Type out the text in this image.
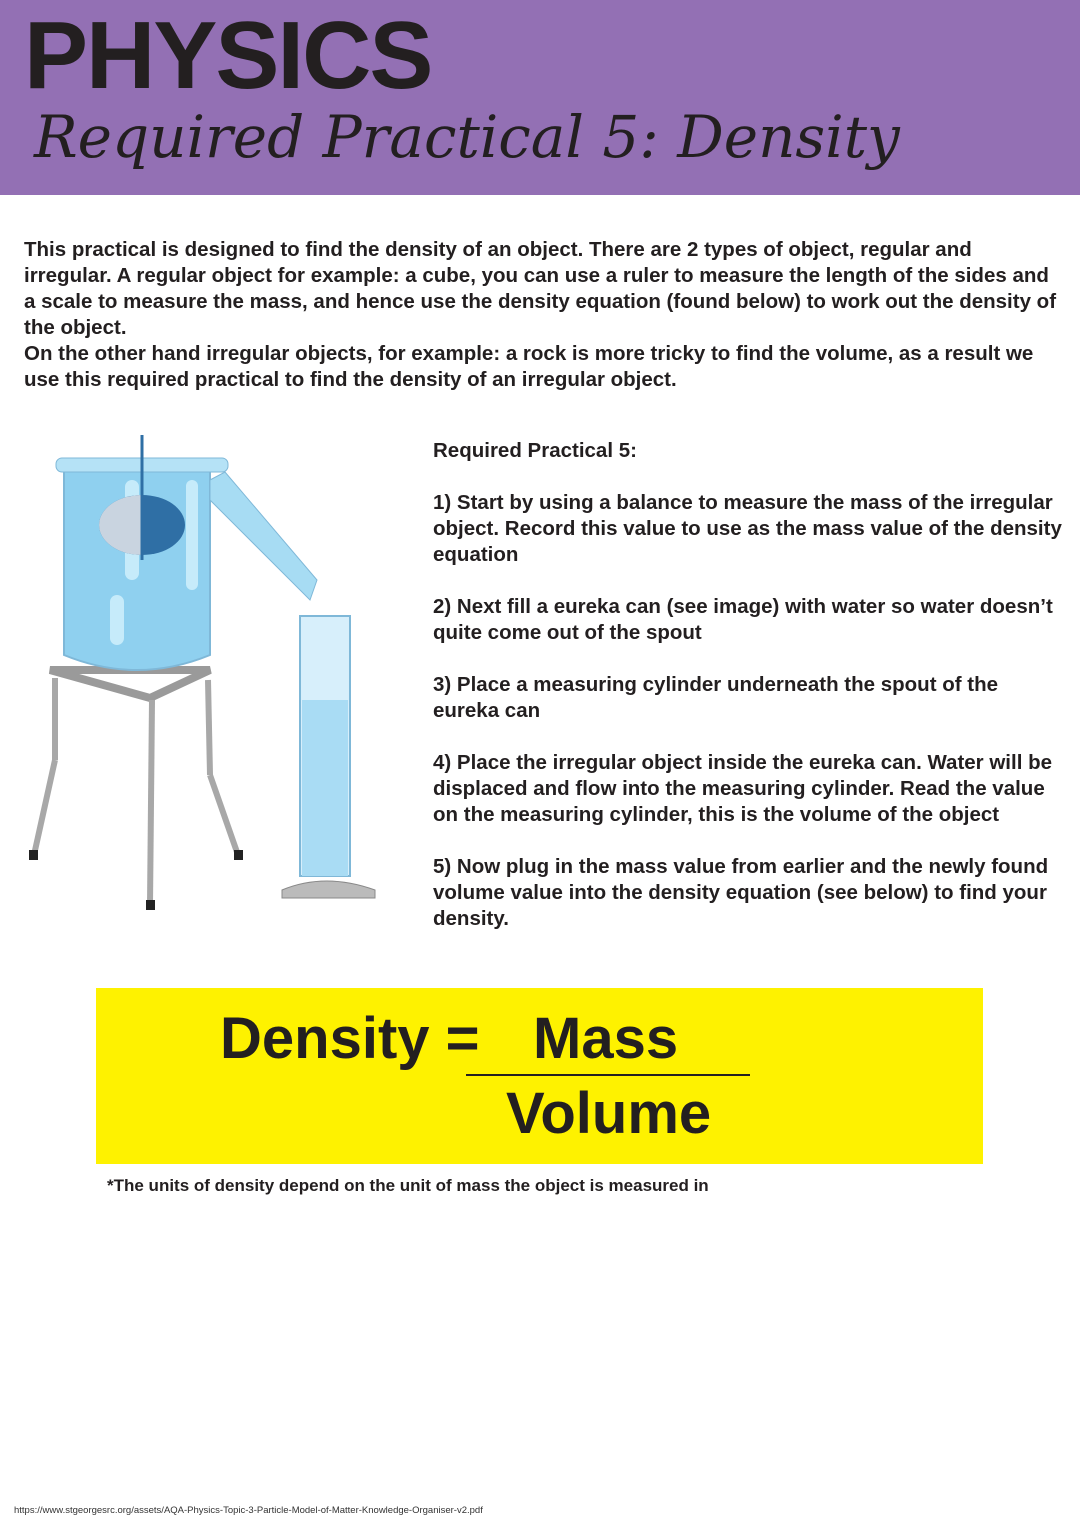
PHYSICS
Required Practical 5: Density

This practical is designed to find the density of an object. There are 2 types of object, regular and irregular. A regular object for example: a cube, you can use a ruler to measure the length of the sides and a scale to measure the mass, and hence use the density equation (found below) to work out the density of the object.

On the other hand irregular objects, for example: a rock is more tricky to find the volume, as a result we use this required practical to find the density of an irregular object.

Required Practical 5:

1) Start by using a balance to measure the mass of the irregular object. Record this value to use as the mass value of the density equation

2) Next fill a eureka can (see image) with water so water doesn’t quite come out of the spout

3) Place a measuring cylinder underneath the spout of the eureka can

4) Place the irregular object inside the eureka can. Water will be displaced and flow into the measuring cylinder. Read the value on the measuring cylinder, this is the volume of the object

5) Now plug in the mass value from earlier and the newly found volume value into the density equation (see below) to find your density.

Density = Mass
Volume
*The units of density depend on the unit of mass the object is measured in
https://www.stgeorgesrc.org/assets/AQA-Physics-Topic-3-Particle-Model-of-Matter-Knowledge-Organiser-v2.pdf
